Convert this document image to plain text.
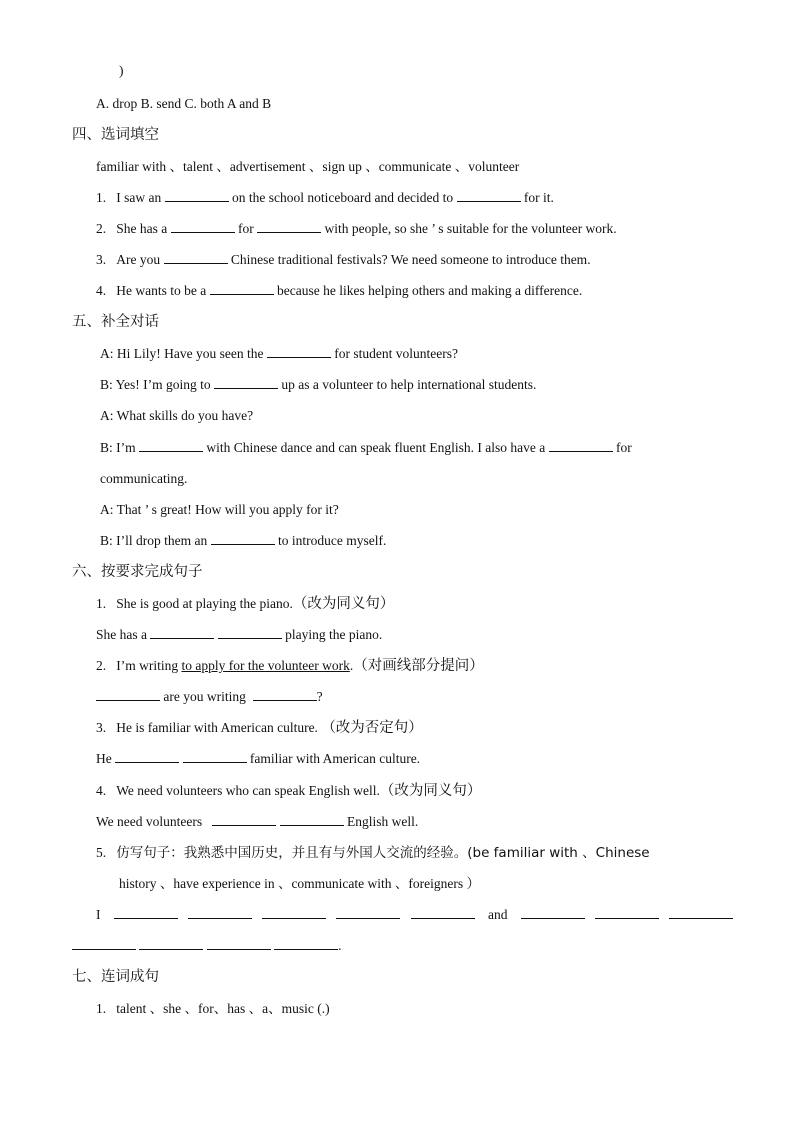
)
A. drop B. send C. both A and B
四、选词填空
familiar with 、talent 、advertisement 、sign up 、communicate 、volunteer
1. I saw an	on the school noticeboard and decided to	for it.
2. She has a	for	with people, so she ’ s suitable for the volunteer work.
3. Are you	Chinese traditional festivals? We need someone to introduce them.
4. He wants to be a	because he likes helping others and making a difference.
五、补全对话
A: Hi Lily! Have you seen the	for student volunteers?
B: Yes! I’m going to	up as a volunteer to help international students.
A: What skills do you have?
B: I’m	with Chinese dance and can speak fluent English. I also have a	for
communicating.
A: That ’ s great! How will you apply for it?
B: I’ll drop them an	to introduce myself.
六、按要求完成句子
1. She is good at playing the piano.（改为同义句）
She has a	playing the piano.
2. I’m writing to apply for the volunteer work.（对画线部分提问）
are you writing	?
3. He is familiar with American culture. （改为否定句）
He	familiar with American culture.
4. We need volunteers who can speak English well.（改为同义句）
We need volunteers	English well.
5. 仿写句子：我熟悉中国历史，并且有与外国人交流的经验。(be familiar with 、Chinese
history 、have experience in 、communicate with 、foreigners ）
I	and
.
七、连词成句
1. talent 、she 、for、has 、a、music (.)
